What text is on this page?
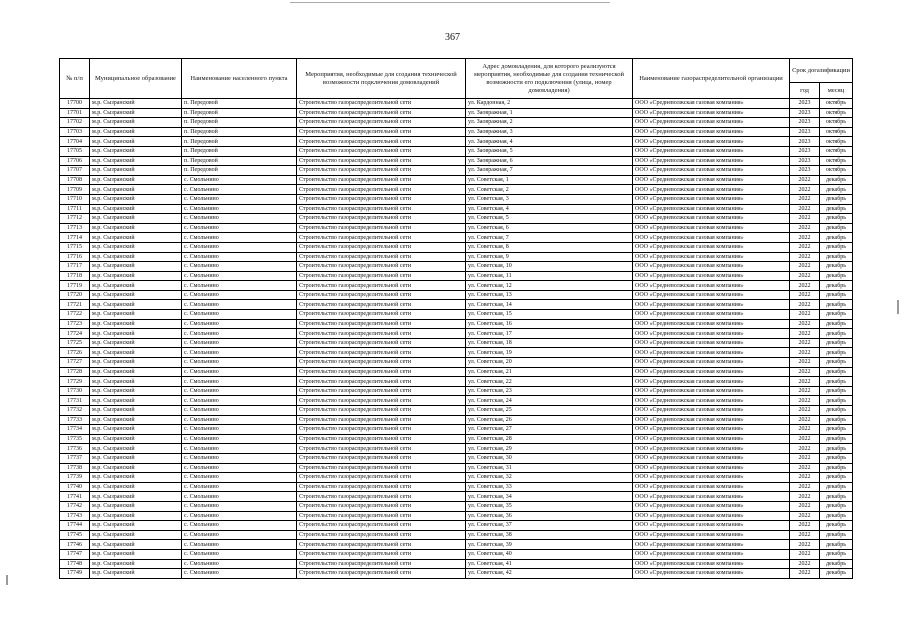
367
№ п/п	Муниципальное образование	Наименование населенного пункта	Мероприятия, необходимые для создания технической возможности подключения домовладений	Адрес домовладения, для которого реализуются мероприятия, необходимые для создания технической возможности его подключения (улица, номер домовладения)	Наименование газораспределительной организации	Срок догазификации	
						год	месяц
17700	м.р. Сызранский	п. Передовой	Строительство газораспределительной сети	ул. Кардонная, 2	ООО «Средневолжская газовая компания»	2023	октябрь
17701	м.р. Сызранский	п. Передовой	Строительство газораспределительной сети	ул. Заовражная, 1	ООО «Средневолжская газовая компания»	2023	октябрь
17702	м.р. Сызранский	п. Передовой	Строительство газораспределительной сети	ул. Заовражная, 2	ООО «Средневолжская газовая компания»	2023	октябрь
17703	м.р. Сызранский	п. Передовой	Строительство газораспределительной сети	ул. Заовражная, 3	ООО «Средневолжская газовая компания»	2023	октябрь
17704	м.р. Сызранский	п. Передовой	Строительство газораспределительной сети	ул. Заовражная, 4	ООО «Средневолжская газовая компания»	2023	октябрь
17705	м.р. Сызранский	п. Передовой	Строительство газораспределительной сети	ул. Заовражная, 5	ООО «Средневолжская газовая компания»	2023	октябрь
17706	м.р. Сызранский	п. Передовой	Строительство газораспределительной сети	ул. Заовражная, 6	ООО «Средневолжская газовая компания»	2023	октябрь
17707	м.р. Сызранский	п. Передовой	Строительство газораспределительной сети	ул. Заовражная, 7	ООО «Средневолжская газовая компания»	2023	октябрь
17708	м.р. Сызранский	с. Смольнино	Строительство газораспределительной сети	ул. Советская, 1	ООО «Средневолжская газовая компания»	2022	декабрь
17709	м.р. Сызранский	с. Смольнино	Строительство газораспределительной сети	ул. Советская, 2	ООО «Средневолжская газовая компания»	2022	декабрь
17710	м.р. Сызранский	с. Смольнино	Строительство газораспределительной сети	ул. Советская, 3	ООО «Средневолжская газовая компания»	2022	декабрь
17711	м.р. Сызранский	с. Смольнино	Строительство газораспределительной сети	ул. Советская, 4	ООО «Средневолжская газовая компания»	2022	декабрь
17712	м.р. Сызранский	с. Смольнино	Строительство газораспределительной сети	ул. Советская, 5	ООО «Средневолжская газовая компания»	2022	декабрь
17713	м.р. Сызранский	с. Смольнино	Строительство газораспределительной сети	ул. Советская, 6	ООО «Средневолжская газовая компания»	2022	декабрь
17714	м.р. Сызранский	с. Смольнино	Строительство газораспределительной сети	ул. Советская, 7	ООО «Средневолжская газовая компания»	2022	декабрь
17715	м.р. Сызранский	с. Смольнино	Строительство газораспределительной сети	ул. Советская, 8	ООО «Средневолжская газовая компания»	2022	декабрь
17716	м.р. Сызранский	с. Смольнино	Строительство газораспределительной сети	ул. Советская, 9	ООО «Средневолжская газовая компания»	2022	декабрь
17717	м.р. Сызранский	с. Смольнино	Строительство газораспределительной сети	ул. Советская, 10	ООО «Средневолжская газовая компания»	2022	декабрь
17718	м.р. Сызранский	с. Смольнино	Строительство газораспределительной сети	ул. Советская, 11	ООО «Средневолжская газовая компания»	2022	декабрь
17719	м.р. Сызранский	с. Смольнино	Строительство газораспределительной сети	ул. Советская, 12	ООО «Средневолжская газовая компания»	2022	декабрь
17720	м.р. Сызранский	с. Смольнино	Строительство газораспределительной сети	ул. Советская, 13	ООО «Средневолжская газовая компания»	2022	декабрь
17721	м.р. Сызранский	с. Смольнино	Строительство газораспределительной сети	ул. Советская, 14	ООО «Средневолжская газовая компания»	2022	декабрь
17722	м.р. Сызранский	с. Смольнино	Строительство газораспределительной сети	ул. Советская, 15	ООО «Средневолжская газовая компания»	2022	декабрь
17723	м.р. Сызранский	с. Смольнино	Строительство газораспределительной сети	ул. Советская, 16	ООО «Средневолжская газовая компания»	2022	декабрь
17724	м.р. Сызранский	с. Смольнино	Строительство газораспределительной сети	ул. Советская, 17	ООО «Средневолжская газовая компания»	2022	декабрь
17725	м.р. Сызранский	с. Смольнино	Строительство газораспределительной сети	ул. Советская, 18	ООО «Средневолжская газовая компания»	2022	декабрь
17726	м.р. Сызранский	с. Смольнино	Строительство газораспределительной сети	ул. Советская, 19	ООО «Средневолжская газовая компания»	2022	декабрь
17727	м.р. Сызранский	с. Смольнино	Строительство газораспределительной сети	ул. Советская, 20	ООО «Средневолжская газовая компания»	2022	декабрь
17728	м.р. Сызранский	с. Смольнино	Строительство газораспределительной сети	ул. Советская, 21	ООО «Средневолжская газовая компания»	2022	декабрь
17729	м.р. Сызранский	с. Смольнино	Строительство газораспределительной сети	ул. Советская, 22	ООО «Средневолжская газовая компания»	2022	декабрь
17730	м.р. Сызранский	с. Смольнино	Строительство газораспределительной сети	ул. Советская, 23	ООО «Средневолжская газовая компания»	2022	декабрь
17731	м.р. Сызранский	с. Смольнино	Строительство газораспределительной сети	ул. Советская, 24	ООО «Средневолжская газовая компания»	2022	декабрь
17732	м.р. Сызранский	с. Смольнино	Строительство газораспределительной сети	ул. Советская, 25	ООО «Средневолжская газовая компания»	2022	декабрь
17733	м.р. Сызранский	с. Смольнино	Строительство газораспределительной сети	ул. Советская, 26	ООО «Средневолжская газовая компания»	2022	декабрь
17734	м.р. Сызранский	с. Смольнино	Строительство газораспределительной сети	ул. Советская, 27	ООО «Средневолжская газовая компания»	2022	декабрь
17735	м.р. Сызранский	с. Смольнино	Строительство газораспределительной сети	ул. Советская, 28	ООО «Средневолжская газовая компания»	2022	декабрь
17736	м.р. Сызранский	с. Смольнино	Строительство газораспределительной сети	ул. Советская, 29	ООО «Средневолжская газовая компания»	2022	декабрь
17737	м.р. Сызранский	с. Смольнино	Строительство газораспределительной сети	ул. Советская, 30	ООО «Средневолжская газовая компания»	2022	декабрь
17738	м.р. Сызранский	с. Смольнино	Строительство газораспределительной сети	ул. Советская, 31	ООО «Средневолжская газовая компания»	2022	декабрь
17739	м.р. Сызранский	с. Смольнино	Строительство газораспределительной сети	ул. Советская, 32	ООО «Средневолжская газовая компания»	2022	декабрь
17740	м.р. Сызранский	с. Смольнино	Строительство газораспределительной сети	ул. Советская, 33	ООО «Средневолжская газовая компания»	2022	декабрь
17741	м.р. Сызранский	с. Смольнино	Строительство газораспределительной сети	ул. Советская, 34	ООО «Средневолжская газовая компания»	2022	декабрь
17742	м.р. Сызранский	с. Смольнино	Строительство газораспределительной сети	ул. Советская, 35	ООО «Средневолжская газовая компания»	2022	декабрь
17743	м.р. Сызранский	с. Смольнино	Строительство газораспределительной сети	ул. Советская, 36	ООО «Средневолжская газовая компания»	2022	декабрь
17744	м.р. Сызранский	с. Смольнино	Строительство газораспределительной сети	ул. Советская, 37	ООО «Средневолжская газовая компания»	2022	декабрь
17745	м.р. Сызранский	с. Смольнино	Строительство газораспределительной сети	ул. Советская, 38	ООО «Средневолжская газовая компания»	2022	декабрь
17746	м.р. Сызранский	с. Смольнино	Строительство газораспределительной сети	ул. Советская, 39	ООО «Средневолжская газовая компания»	2022	декабрь
17747	м.р. Сызранский	с. Смольнино	Строительство газораспределительной сети	ул. Советская, 40	ООО «Средневолжская газовая компания»	2022	декабрь
17748	м.р. Сызранский	с. Смольнино	Строительство газораспределительной сети	ул. Советская, 41	ООО «Средневолжская газовая компания»	2022	декабрь
17749	м.р. Сызранский	с. Смольнино	Строительство газораспределительной сети	ул. Советская, 42	ООО «Средневолжская газовая компания»	2022	декабрь
